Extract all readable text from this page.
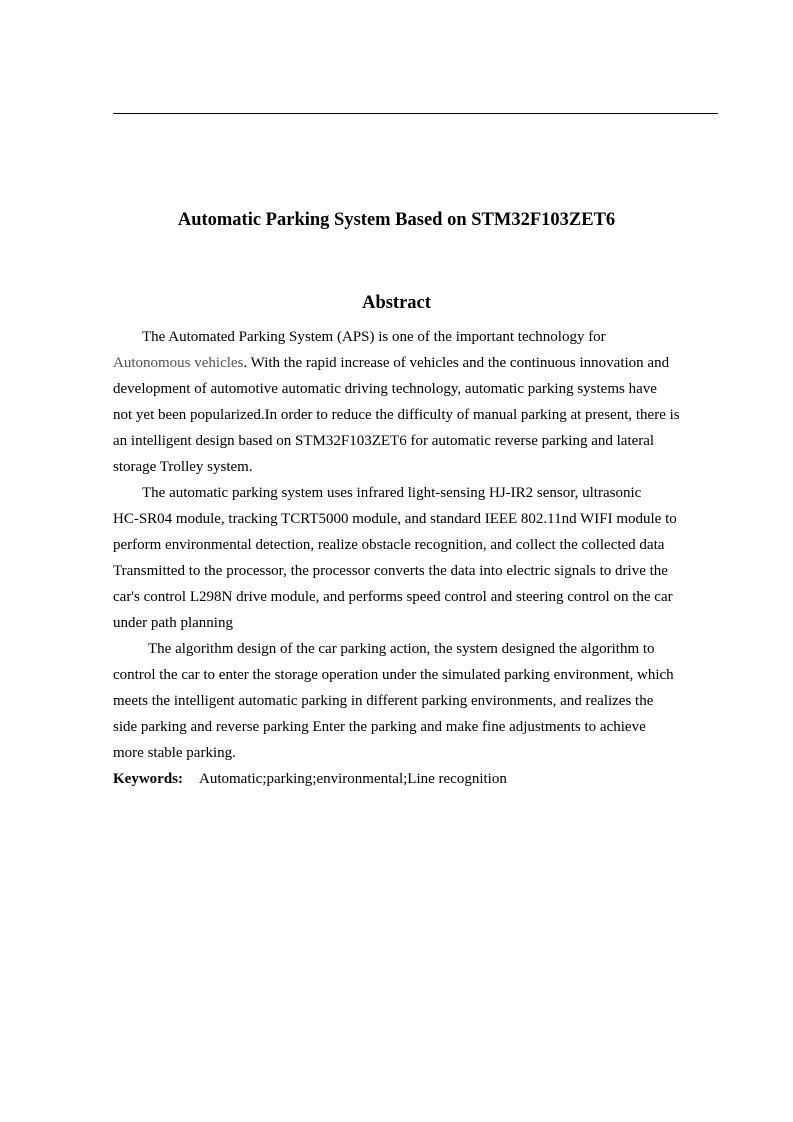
Automatic Parking System Based on STM32F103ZET6
Abstract
The Automated Parking System (APS) is one of the important technology for
Autonomous vehicles. With the rapid increase of vehicles and the continuous innovation and
development of automotive automatic driving technology, automatic parking systems have
not yet been popularized.In order to reduce the difficulty of manual parking at present, there is
an intelligent design based on STM32F103ZET6 for automatic reverse parking and lateral
storage Trolley system.
The automatic parking system uses infrared light-sensing HJ-IR2 sensor, ultrasonic
HC-SR04 module, tracking TCRT5000 module, and standard IEEE 802.11nd WIFI module to
perform environmental detection, realize obstacle recognition, and collect the collected data
Transmitted to the processor, the processor converts the data into electric signals to drive the
car's control L298N drive module, and performs speed control and steering control on the car
under path planning
The algorithm design of the car parking action, the system designed the algorithm to
control the car to enter the storage operation under the simulated parking environment, which
meets the intelligent automatic parking in different parking environments, and realizes the
side parking and reverse parking Enter the parking and make fine adjustments to achieve
more stable parking.
Keywords: Automatic;parking;environmental;Line recognition
